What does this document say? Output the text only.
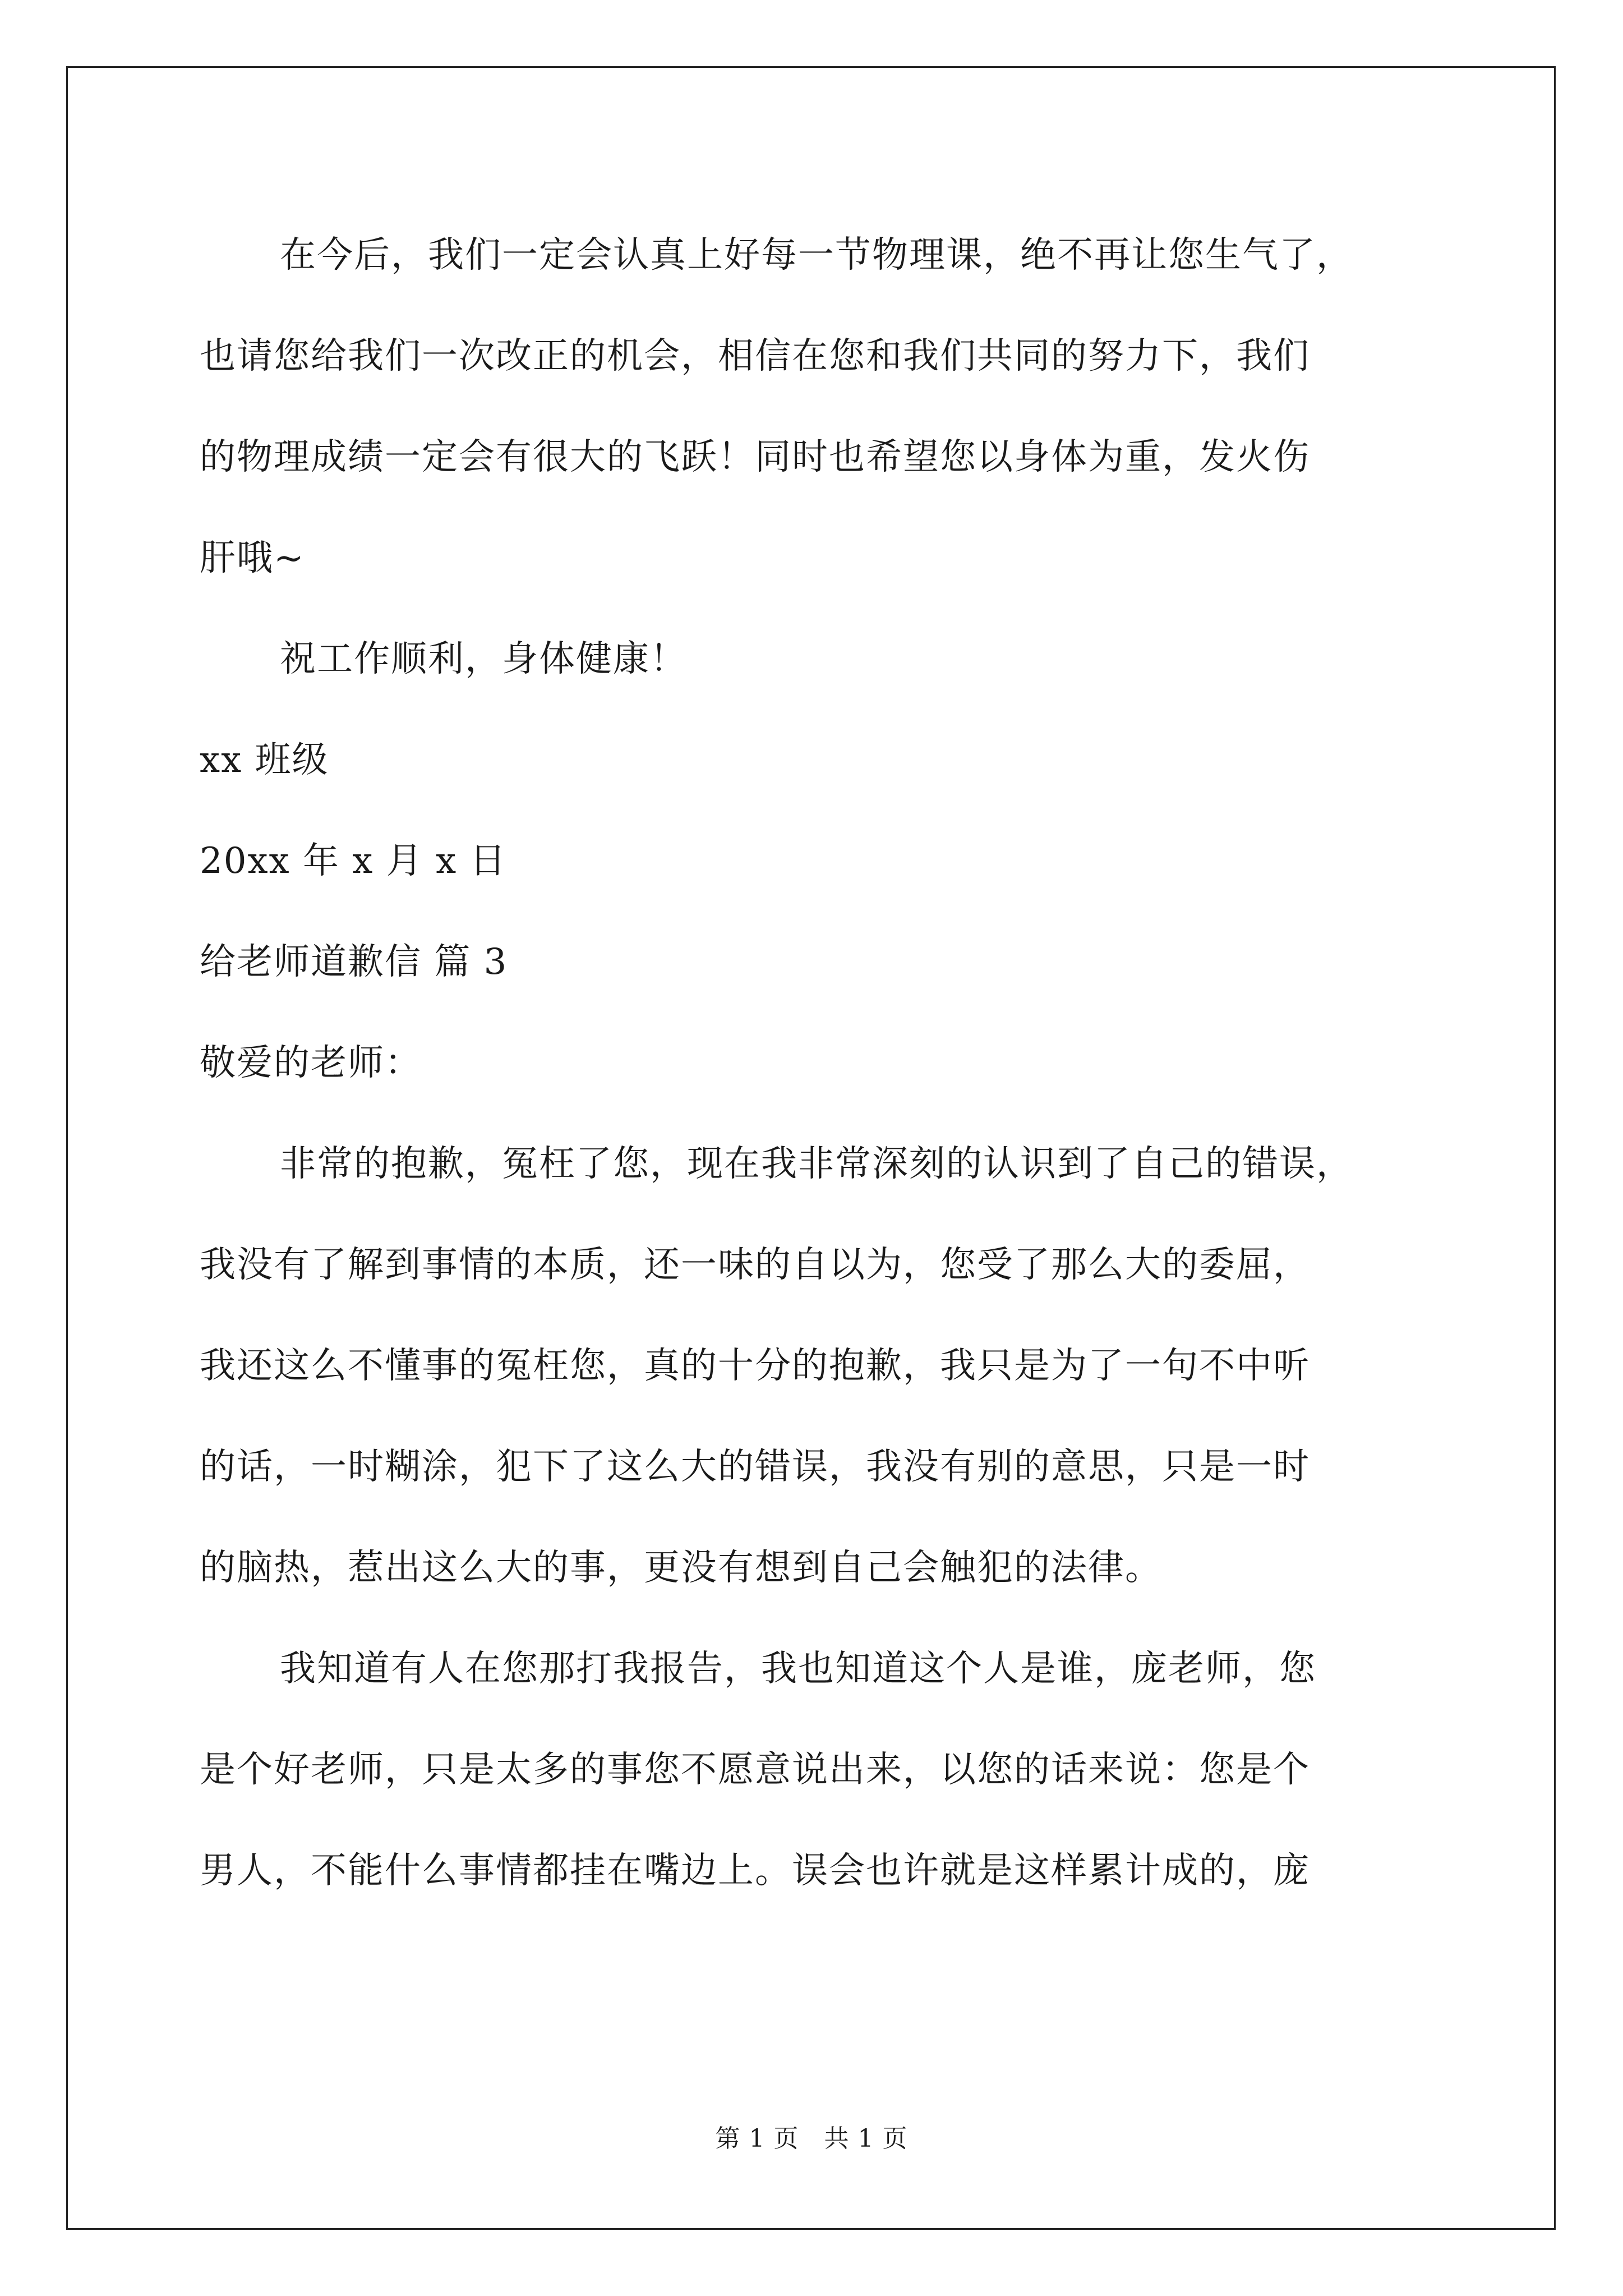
在今后，我们一定会认真上好每一节物理课，绝不再让您生气了，
也请您给我们一次改正的机会，相信在您和我们共同的努力下，我们
的物理成绩一定会有很大的飞跃！同时也希望您以身体为重，发火伤
肝哦~
祝工作顺利，身体健康！
xx 班级
20xx 年 x 月 x 日
给老师道歉信 篇 3
敬爱的老师：
非常的抱歉，冤枉了您，现在我非常深刻的认识到了自己的错误，
我没有了解到事情的本质，还一味的自以为，您受了那么大的委屈，
我还这么不懂事的冤枉您，真的十分的抱歉，我只是为了一句不中听
的话，一时糊涂，犯下了这么大的错误，我没有别的意思，只是一时
的脑热，惹出这么大的事，更没有想到自己会触犯的法律。
我知道有人在您那打我报告，我也知道这个人是谁，庞老师，您
是个好老师，只是太多的事您不愿意说出来，以您的话来说：您是个
男人，不能什么事情都挂在嘴边上。误会也许就是这样累计成的，庞
第 1 页　共 1 页
